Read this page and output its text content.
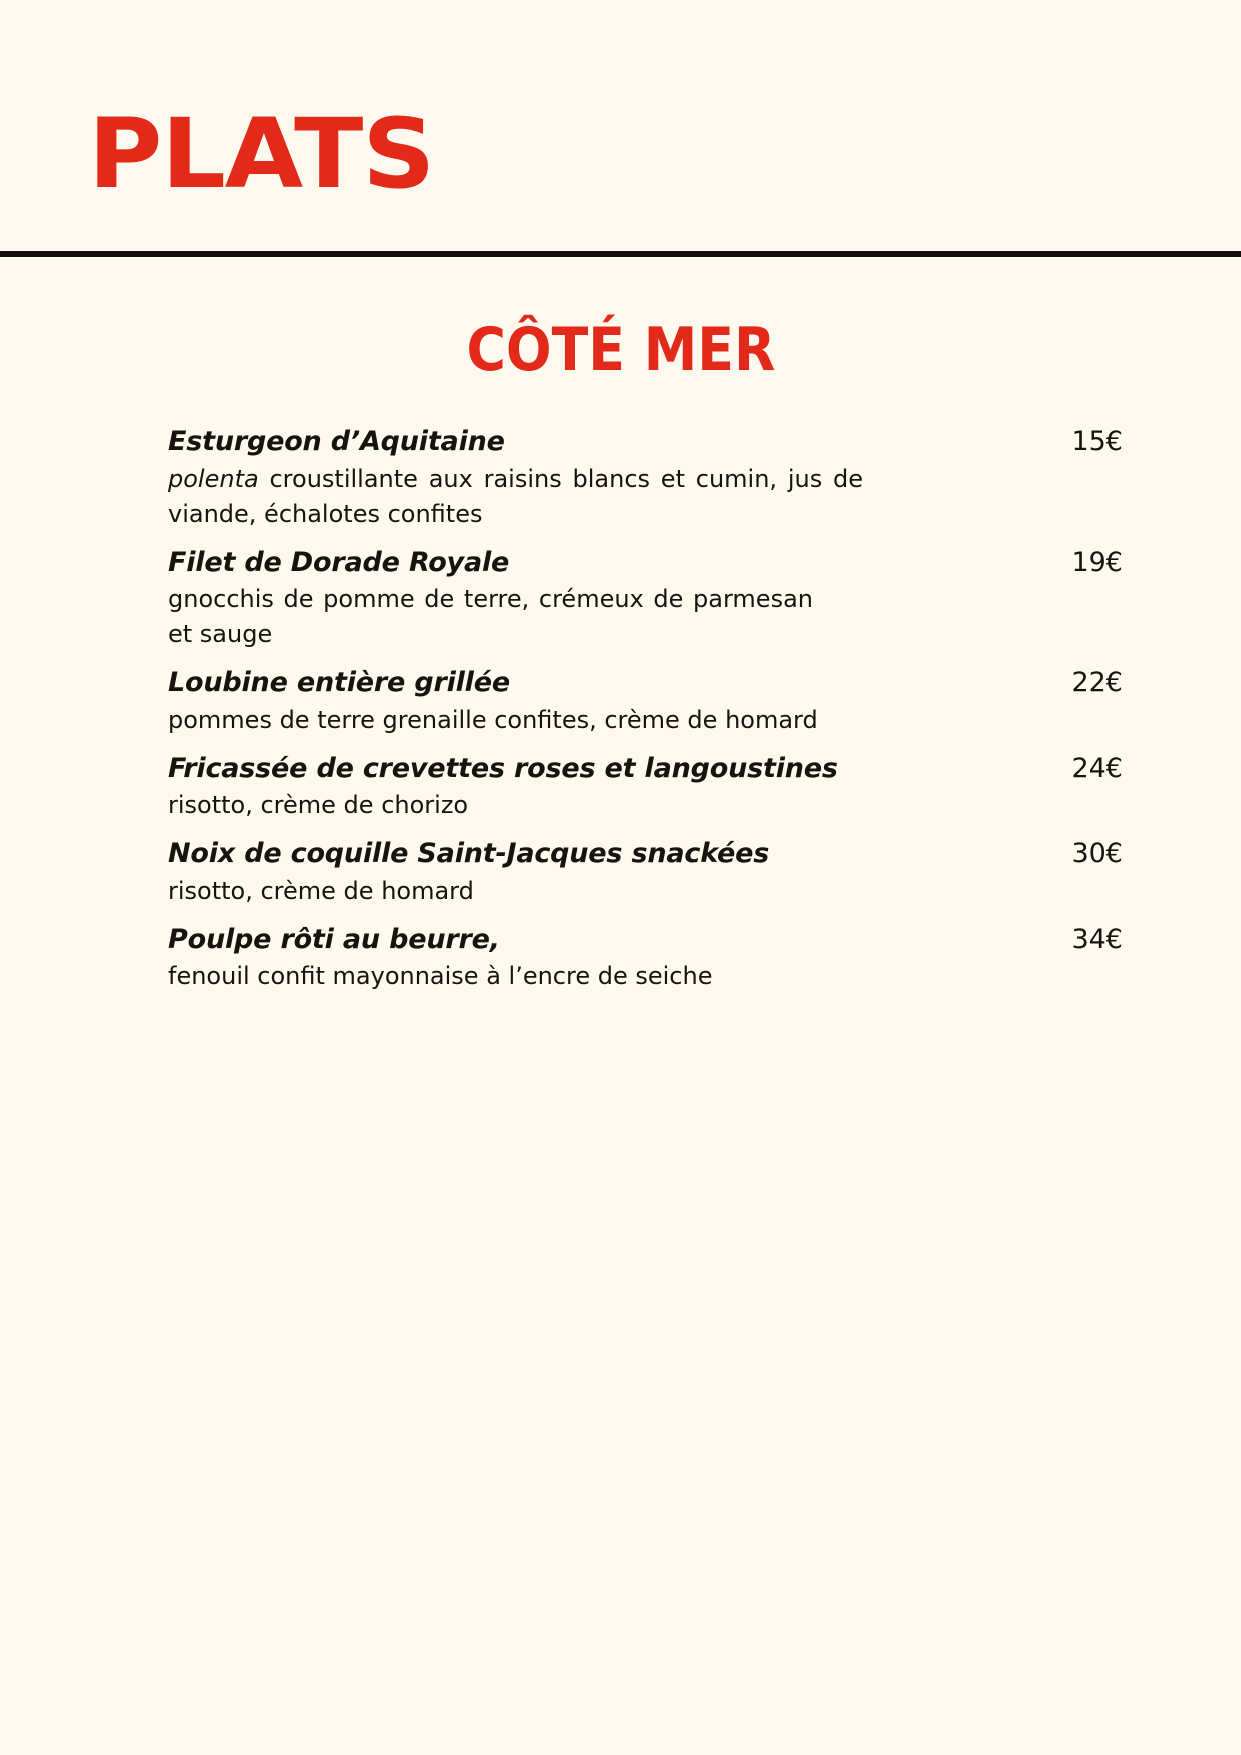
PLATS
CÔTÉ MER
Esturgeon d’Aquitaine	15€
polenta croustillante aux raisins blancs et cumin, jus de viande, échalotes confites
Filet de Dorade Royale	19€
gnocchis de pomme de terre, crémeux de parmesan et sauge
Loubine entière grillée	22€
pommes de terre grenaille confites, crème de homard
Fricassée de crevettes roses et langoustines	24€
risotto, crème de chorizo
Noix de coquille Saint-Jacques snackées	30€
risotto, crème de homard
Poulpe rôti au beurre,	34€
fenouil confit mayonnaise à l’encre de seiche
